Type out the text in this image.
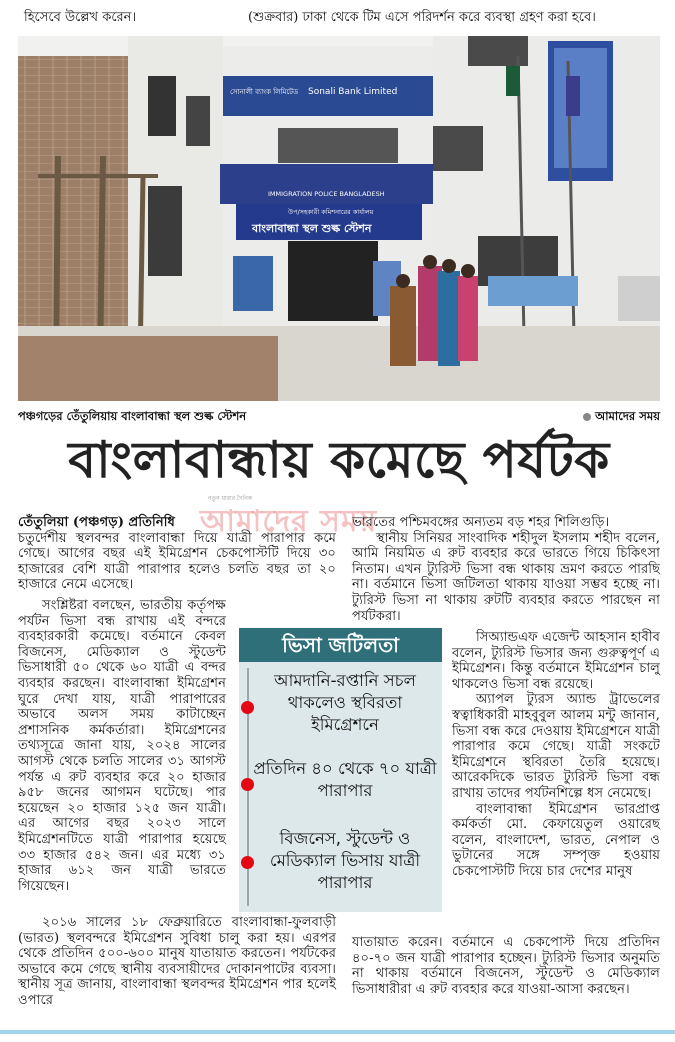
হিসেবে উল্লেখ করেন।	(শুক্রবার) ঢাকা থেকে টিম এসে পরিদর্শন করে ব্যবস্থা গ্রহণ করা হবে।
Sonali Bank Limited
সোনালী ব্যাংক লিমিটেড
IMMIGRATION POLICE BANGLADESH
উপ/সহকারী কমিশনারের কার্যালয়
বাংলাবান্ধা স্থল শুল্ক স্টেশন
পঞ্চগড়ের তেঁতুলিয়ায় বাংলাবান্ধা স্থল শুল্ক স্টেশন	আমাদের সময়
বাংলাবান্ধায় কমেছে পর্যটক
নতুন ধারার দৈনিক
আমাদের সময়

তেঁতুলিয়া (পঞ্চগড়) প্রতিনিধি

চতুর্দেশীয় স্থলবন্দর বাংলাবান্ধা দিয়ে যাত্রী পারাপার কমে গেছে। আগের বছর এই ইমিগ্রেশন চেকপোস্টটি দিয়ে ৩০ হাজারের বেশি যাত্রী পারাপার হলেও চলতি বছর তা ২০ হাজারে নেমে এসেছে।

সংশ্লিষ্টরা বলছেন, ভারতীয় কর্তৃপক্ষ পর্যটন ভিসা বন্ধ রাখায় এই বন্দরে ব্যবহারকারী কমেছে। বর্তমানে কেবল বিজনেস, মেডিক্যাল ও স্টুডেন্ট ভিসাধারী ৫০ থেকে ৬০ যাত্রী এ বন্দর ব্যবহার করছেন। বাংলাবান্ধা ইমিগ্রেশন ঘুরে দেখা যায়, যাত্রী পারাপারের অভাবে অলস সময় কাটাচ্ছেন প্রশাসনিক কর্মকর্তারা। ইমিগ্রেশনের তথ্যসূত্রে জানা যায়, ২০২৪ সালের আগস্ট থেকে চলতি সালের ৩১ আগস্ট পর্যন্ত এ রুট ব্যবহার করে ২০ হাজার ৯৫৮ জনের আগমন ঘটেছে। পার হয়েছেন ২০ হাজার ১২৫ জন যাত্রী। এর আগের বছর ২০২৩ সালে ইমিগ্রেশনটিতে যাত্রী পারাপার হয়েছে ৩৩ হাজার ৫৪২ জন। এর মধ্যে ৩১ হাজার ৬১২ জন যাত্রী ভারতে গিয়েছেন।

২০১৬ সালের ১৮ ফেব্রুয়ারিতে বাংলাবান্ধা-ফুলবাড়ী (ভারত) স্থলবন্দরে ইমিগ্রেশন সুবিধা চালু করা হয়। এরপর থেকে প্রতিদিন ৫০০-৬০০ মানুষ যাতায়াত করতেন। পর্যটকের অভাবে কমে গেছে স্থানীয় ব্যবসায়ীদের দোকানপাটের ব্যবসা। স্থানীয় সূত্র জানায়, বাংলাবান্ধা স্থলবন্দর ইমিগ্রেশন পার হলেই ওপারে

ভারতের পশ্চিমবঙ্গের অন্যতম বড় শহর শিলিগুড়ি।

স্থানীয় সিনিয়র সাংবাদিক শহীদুল ইসলাম শহীদ বলেন, আমি নিয়মিত এ রুট ব্যবহার করে ভারতে গিয়ে চিকিৎসা নিতাম। এখন ট্যুরিস্ট ভিসা বন্ধ থাকায় ভ্রমণ করতে পারছি না। বর্তমানে ভিসা জটিলতা থাকায় যাওয়া সম্ভব হচ্ছে না। ট্যুরিস্ট ভিসা না থাকায় রুটটি ব্যবহার করতে পারছেন না পর্যটকরা।

সিঅ্যান্ডএফ এজেন্ট আহসান হাবীব বলেন, ট্যুরিস্ট ভিসার জন্য গুরুত্বপূর্ণ এ ইমিগ্রেশন। কিন্তু বর্তমানে ইমিগ্রেশন চালু থাকলেও ভিসা বন্ধ রয়েছে।

অ্যাপল ট্যুরস অ্যান্ড ট্রাভেলের স্বত্বাধিকারী মাহবুবুল আলম মন্টু জানান, ভিসা বন্ধ করে দেওয়ায় ইমিগ্রেশনে যাত্রী পারাপার কমে গেছে। যাত্রী সংকটে ইমিগ্রেশনে স্থবিরতা তৈরি হয়েছে। আরেকদিকে ভারত ট্যুরিস্ট ভিসা বন্ধ রাখায় তাদের পর্যটনশিল্পে ধস নেমেছে।

বাংলাবান্ধা ইমিগ্রেশন ভারপ্রাপ্ত কর্মকর্তা মো. কেফায়েতুল ওয়ারেছ বলেন, বাংলাদেশ, ভারত, নেপাল ও ভুটানের সঙ্গে সম্পৃক্ত হওয়ায় চেকপোস্টটি দিয়ে চার দেশের মানুষ

যাতায়াত করেন। বর্তমানে এ চেকপোস্ট দিয়ে প্রতিদিন ৪০-৭০ জন যাত্রী পারাপার হচ্ছেন। ট্যুরিস্ট ভিসার অনুমতি না থাকায় বর্তমানে বিজনেস, স্টুডেন্ট ও মেডিক্যাল ভিসাধারীরা এ রুট ব্যবহার করে যাওয়া-আসা করছেন।

ভিসা জটিলতা
আমদানি-রপ্তানি সচল থাকলেও স্থবিরতা ইমিগ্রেশনে
প্রতিদিন ৪০ থেকে ৭০ যাত্রী পারাপার
বিজনেস, স্টুডেন্ট ও মেডিক্যাল ভিসায় যাত্রী পারাপার
